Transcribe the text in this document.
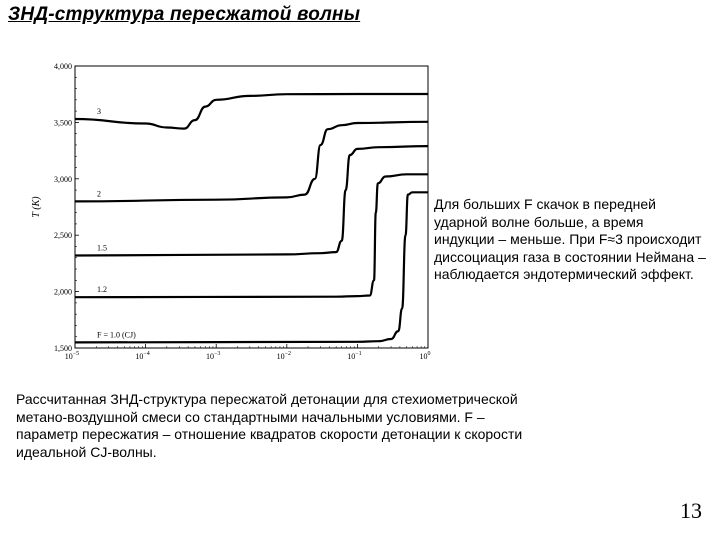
ЗНД-структура пересжатой волны
T (K)
3
2
1.5
1.2
F = 1.0 (CJ)
1,500
2,000
2,500
3,000
3,500
4,000
$10^{-5}$	$10^{-4}$	$10^{-3}$	$10^{-2}$	$10^{-1}$	$10^0$
Для больших F скачок в передней ударной волне больше, а время индукции – меньше. При F≈3 происходит диссоциация газа в состоянии Неймана – наблюдается эндотермический эффект.
Рассчитанная ЗНД-структура пересжатой детонации для стехиометрической метано-воздушной смеси со стандартными начальными условиями. F – параметр пересжатия – отношение квадратов скорости детонации к скорости идеальной CJ-волны.
13
